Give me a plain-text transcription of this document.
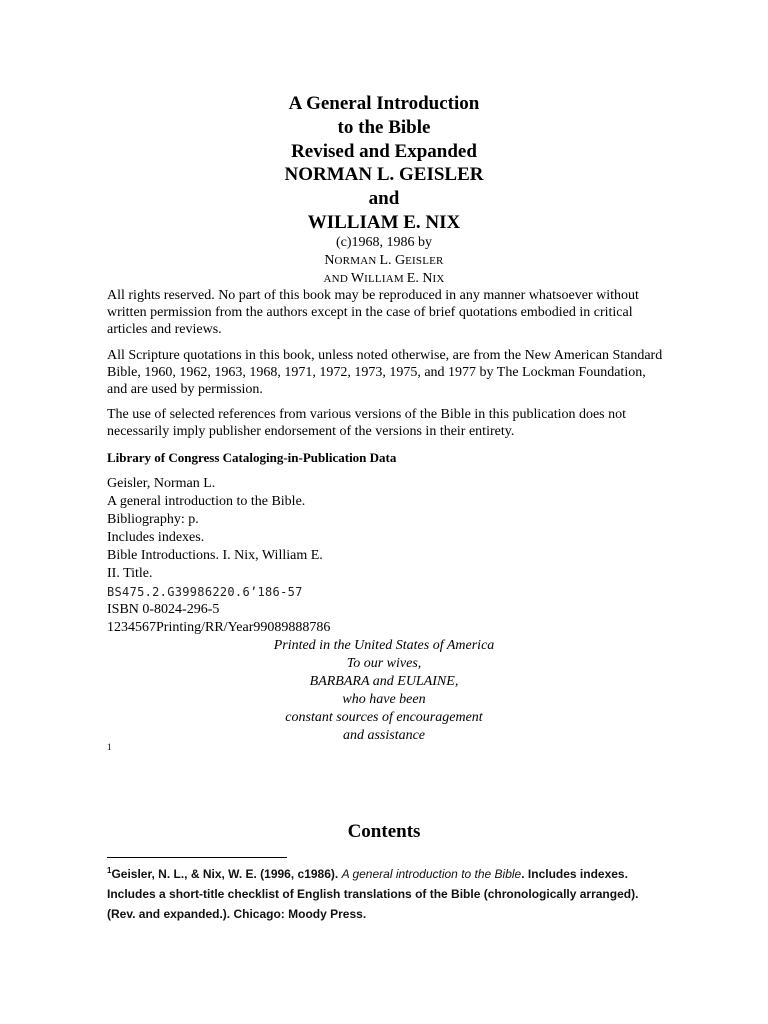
A General Introduction
to the Bible
Revised and Expanded
NORMAN L. GEISLER
and
WILLIAM E. NIX
(c)1968, 1986 by
NORMAN L. GEISLER
AND WILLIAM E. NIX
All rights reserved. No part of this book may be reproduced in any manner whatsoever without written permission from the authors except in the case of brief quotations embodied in critical articles and reviews.
All Scripture quotations in this book, unless noted otherwise, are from the New American Standard Bible, 1960, 1962, 1963, 1968, 1971, 1972, 1973, 1975, and 1977 by The Lockman Foundation, and are used by permission.
The use of selected references from various versions of the Bible in this publication does not necessarily imply publisher endorsement of the versions in their entirety.
Library of Congress Cataloging-in-Publication Data
Geisler, Norman L.
A general introduction to the Bible.
Bibliography: p.
Includes indexes.
Bible Introductions. I. Nix, William E.
II. Title.
BS475.2.G39986220.6’186-57
ISBN 0-8024-296-5
1234567Printing/RR/Year99089888786
Printed in the United States of America
To our wives,
BARBARA and EULAINE,
who have been
constant sources of encouragement
and assistance
1
Contents
$^1$Geisler, N. L., & Nix, W. E. (1996, c1986). A general introduction to the Bible. Includes indexes. Includes a short-title checklist of English translations of the Bible (chronologically arranged). (Rev. and expanded.). Chicago: Moody Press.
